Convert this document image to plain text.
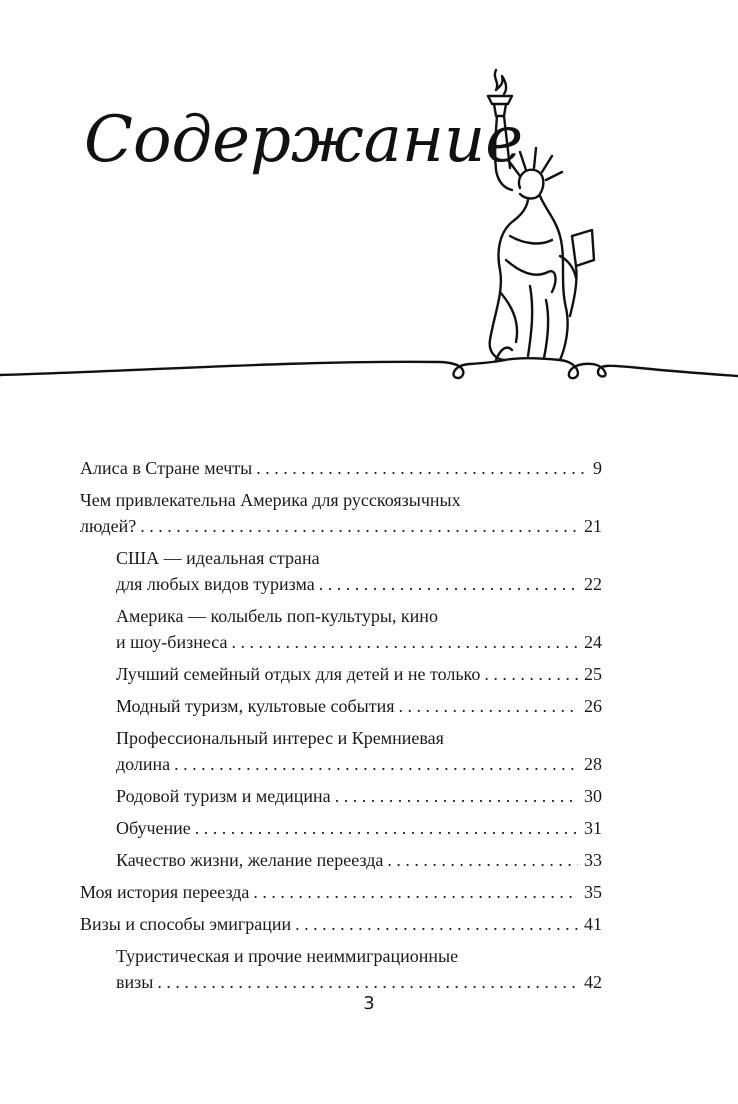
Содержание
Алиса в Стране мечты . . .	9
Чем привлекательна Америка для русскоязычных
людей? . . .	21
США — идеальная страна
для любых видов туризма . . .	22
Америка — колыбель поп-культуры, кино
и шоу-бизнеса . . .	24
Лучший семейный отдых для детей и не только . . .	25
Модный туризм, культовые события . . .	26
Профессиональный интерес и Кремниевая
долина . . .	28
Родовой туризм и медицина . . .	30
Обучение . . .	31
Качество жизни, желание переезда . . .	33
Моя история переезда . . .	35
Визы и способы эмиграции . . .	41
Туристическая и прочие неиммиграционные
визы . . .	42
3
